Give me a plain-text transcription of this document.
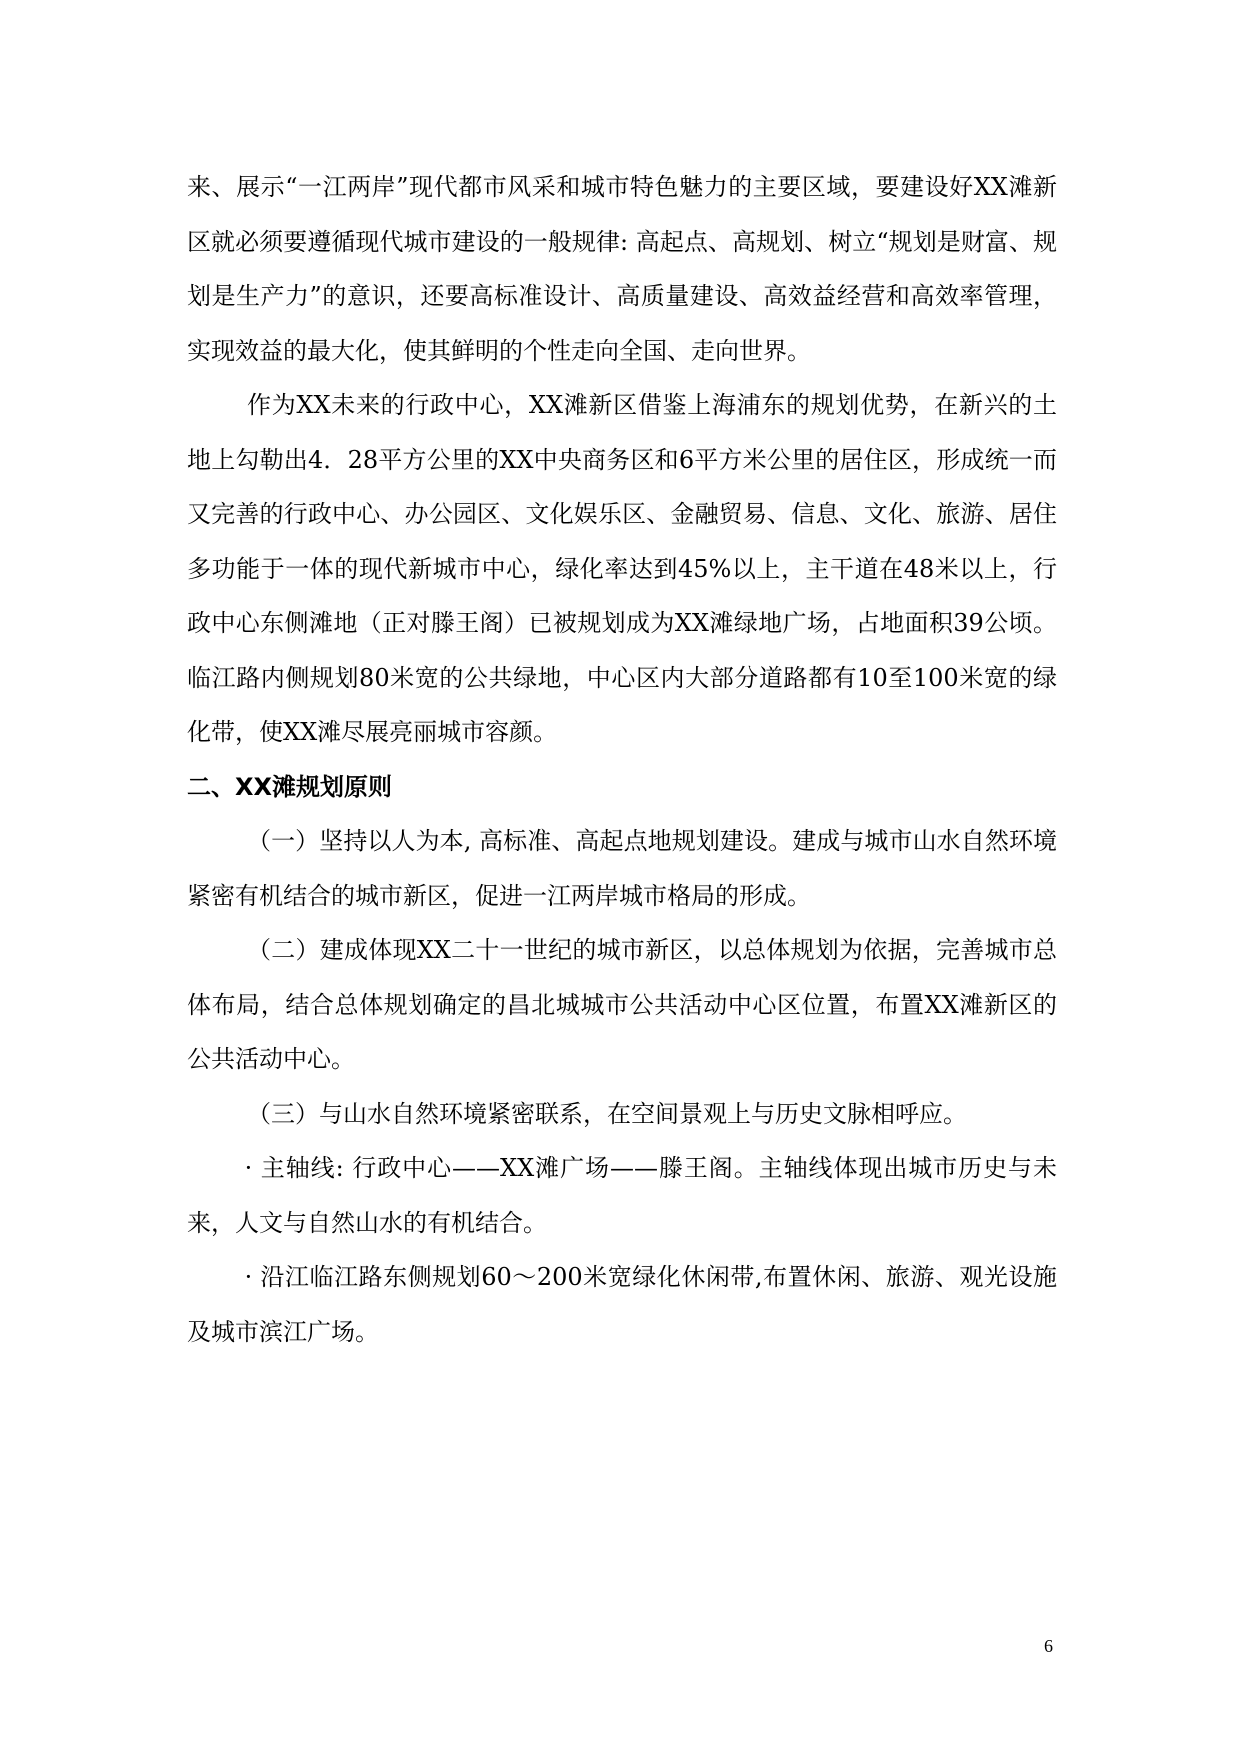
来、展示“一江两岸”现代都市风采和城市特色魅力的主要区域，要建设好XX滩新区就必须要遵循现代城市建设的一般规律: 高起点、高规划、树立“规划是财富、规划是生产力”的意识，还要高标准设计、高质量建设、高效益经营和高效率管理，实现效益的最大化，使其鲜明的个性走向全国、走向世界。

作为XX未来的行政中心，XX滩新区借鉴上海浦东的规划优势，在新兴的土地上勾勒出4．28平方公里的XX中央商务区和6平方米公里的居住区，形成统一而又完善的行政中心、办公园区、文化娱乐区、金融贸易、信息、文化、旅游、居住多功能于一体的现代新城市中心，绿化率达到45%以上，主干道在48米以上，行政中心东侧滩地（正对滕王阁）已被规划成为XX滩绿地广场，占地面积39公顷。临江路内侧规划80米宽的公共绿地，中心区内大部分道路都有10至100米宽的绿化带，使XX滩尽展亮丽城市容颜。

二、XX滩规划原则

（一）坚持以人为本, 高标准、高起点地规划建设。建成与城市山水自然环境紧密有机结合的城市新区，促进一江两岸城市格局的形成。

（二）建成体现XX二十一世纪的城市新区，以总体规划为依据，完善城市总体布局，结合总体规划确定的昌北城城市公共活动中心区位置，布置XX滩新区的公共活动中心。

（三）与山水自然环境紧密联系，在空间景观上与历史文脉相呼应。

· 主轴线: 行政中心——XX滩广场——滕王阁。主轴线体现出城市历史与未来，人文与自然山水的有机结合。

· 沿江临江路东侧规划60～200米宽绿化休闲带,布置休闲、旅游、观光设施及城市滨江广场。

6
